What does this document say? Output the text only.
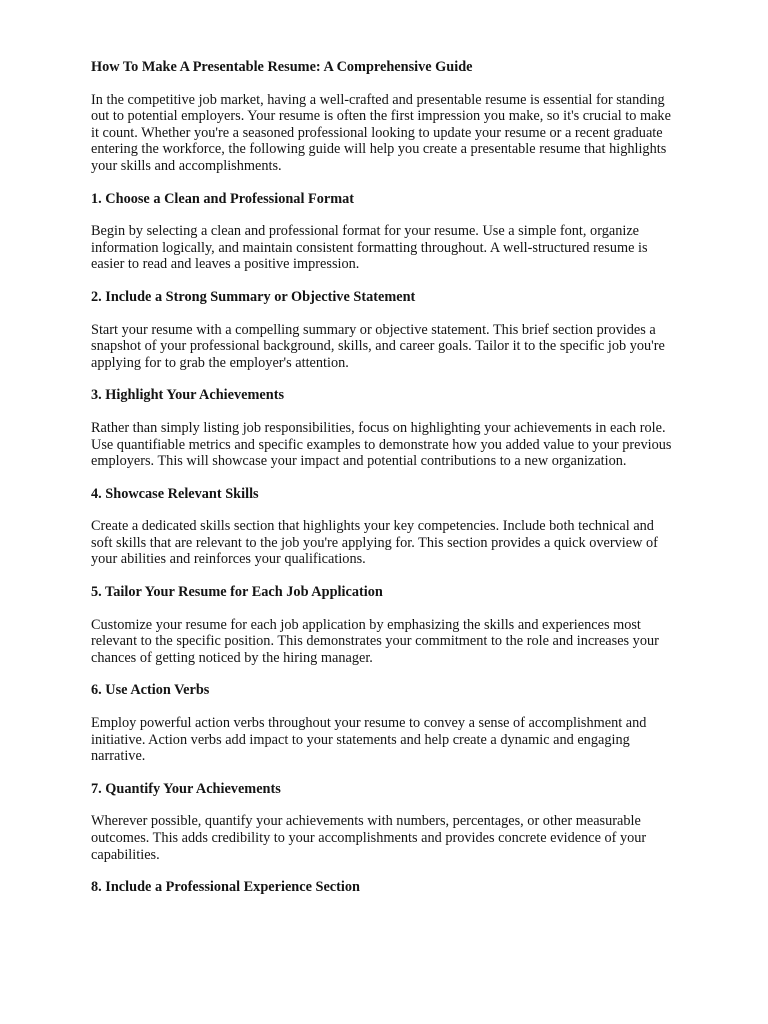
How To Make A Presentable Resume: A Comprehensive Guide
In the competitive job market, having a well-crafted and presentable resume is essential for standing
out to potential employers. Your resume is often the first impression you make, so it's crucial to make
it count. Whether you're a seasoned professional looking to update your resume or a recent graduate
entering the workforce, the following guide will help you create a presentable resume that highlights
your skills and accomplishments.
1. Choose a Clean and Professional Format
Begin by selecting a clean and professional format for your resume. Use a simple font, organize
information logically, and maintain consistent formatting throughout. A well-structured resume is
easier to read and leaves a positive impression.
2. Include a Strong Summary or Objective Statement
Start your resume with a compelling summary or objective statement. This brief section provides a
snapshot of your professional background, skills, and career goals. Tailor it to the specific job you're
applying for to grab the employer's attention.
3. Highlight Your Achievements
Rather than simply listing job responsibilities, focus on highlighting your achievements in each role.
Use quantifiable metrics and specific examples to demonstrate how you added value to your previous
employers. This will showcase your impact and potential contributions to a new organization.
4. Showcase Relevant Skills
Create a dedicated skills section that highlights your key competencies. Include both technical and
soft skills that are relevant to the job you're applying for. This section provides a quick overview of
your abilities and reinforces your qualifications.
5. Tailor Your Resume for Each Job Application
Customize your resume for each job application by emphasizing the skills and experiences most
relevant to the specific position. This demonstrates your commitment to the role and increases your
chances of getting noticed by the hiring manager.
6. Use Action Verbs
Employ powerful action verbs throughout your resume to convey a sense of accomplishment and
initiative. Action verbs add impact to your statements and help create a dynamic and engaging
narrative.
7. Quantify Your Achievements
Wherever possible, quantify your achievements with numbers, percentages, or other measurable
outcomes. This adds credibility to your accomplishments and provides concrete evidence of your
capabilities.
8. Include a Professional Experience Section
